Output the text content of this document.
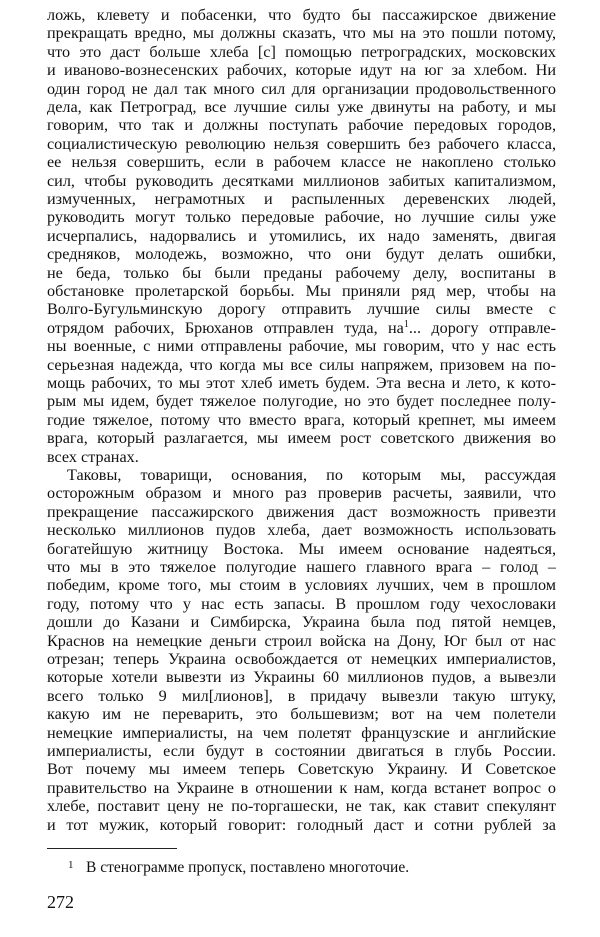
ложь, клевету и побасенки, что будто бы пассажирское движение
прекращать вредно, мы должны сказать, что мы на это пошли потому,
что это даст больше хлеба [с] помощью петроградских, московских
и иваново-вознесенских рабочих, которые идут на юг за хлебом. Ни
один город не дал так много сил для организации продовольственного
дела, как Петроград, все лучшие силы уже двинуты на работу, и мы
говорим, что так и должны поступать рабочие передовых городов,
социалистическую революцию нельзя совершить без рабочего класса,
ее нельзя совершить, если в рабочем классе не накоплено столько
сил, чтобы руководить десятками миллионов забитых капитализмом,
измученных, неграмотных и распыленных деревенских людей,
руководить могут только передовые рабочие, но лучшие силы уже
исчерпались, надорвались и утомились, их надо заменять, двигая
средняков, молодежь, возможно, что они будут делать ошибки,
не беда, только бы были преданы рабочему делу, воспитаны в
обстановке пролетарской борьбы. Мы приняли ряд мер, чтобы на
Волго-Бугульминскую дорогу отправить лучшие силы вместе с
отрядом рабочих, Брюханов отправлен туда, $на^1$... дорогу отправле-
ны военные, с ними отправлены рабочие, мы говорим, что у нас есть
серьезная надежда, что когда мы все силы напряжем, призовем на по-
мощь рабочих, то мы этот хлеб иметь будем. Эта весна и лето, к кото-
рым мы идем, будет тяжелое полугодие, но это будет последнее полу-
годие тяжелое, потому что вместо врага, который крепнет, мы имеем
врага, который разлагается, мы имеем рост советского движения во
всех странах.
Таковы, товарищи, основания, по которым мы, рассуждая
осторожным образом и много раз проверив расчеты, заявили, что
прекращение пассажирского движения даст возможность привезти
несколько миллионов пудов хлеба, дает возможность использовать
богатейшую житницу Востока. Мы имеем основание надеяться,
что мы в это тяжелое полугодие нашего главного врага – голод –
победим, кроме того, мы стоим в условиях лучших, чем в прошлом
году, потому что у нас есть запасы. В прошлом году чехословаки
дошли до Казани и Симбирска, Украина была под пятой немцев,
Краснов на немецкие деньги строил войска на Дону, Юг был от нас
отрезан; теперь Украина освобождается от немецких империалистов,
которые хотели вывезти из Украины 60 миллионов пудов, а вывезли
всего только 9 мил[лионов], в придачу вывезли такую штуку,
какую им не переварить, это большевизм; вот на чем полетели
немецкие империалисты, на чем полетят французские и английские
империалисты, если будут в состоянии двигаться в глубь России.
Вот почему мы имеем теперь Советскую Украину. И Советское
правительство на Украине в отношении к нам, когда встанет вопрос о
хлебе, поставит цену не по-торгашески, не так, как ставит спекулянт
и тот мужик, который говорит: голодный даст и сотни рублей за
1 В стенограмме пропуск, поставлено многоточие.
272
